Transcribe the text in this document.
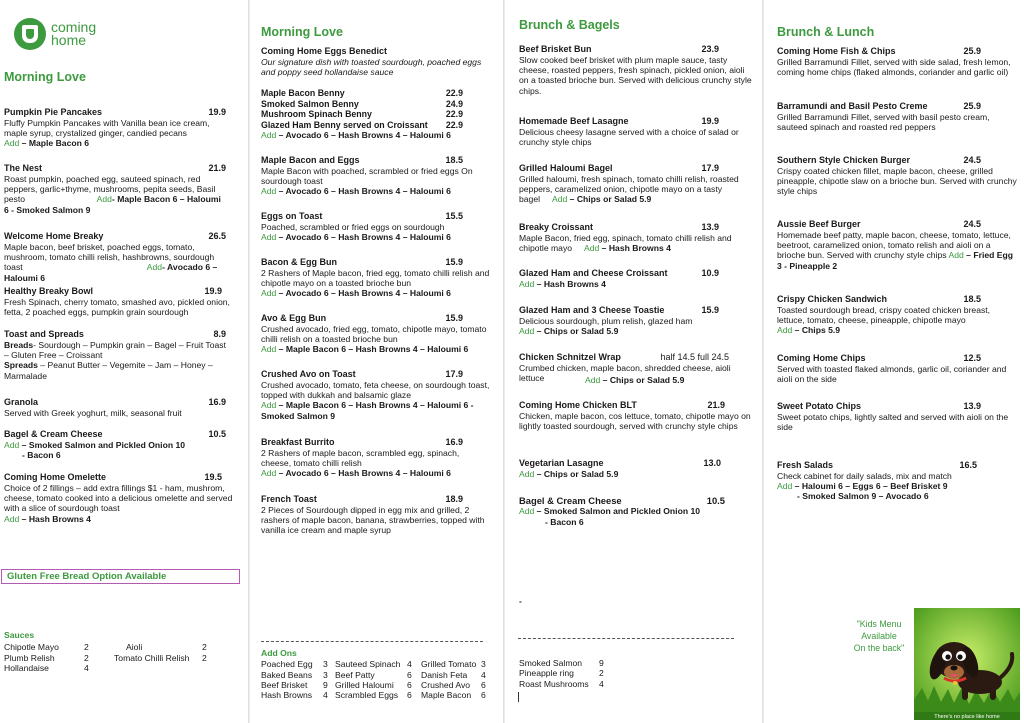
coming
home
Morning Love
Pumpkin Pie Pancakes	19.9
Fluffy Pumpkin Pancakes with Vanilla bean ice cream, maple syrup, crystalized ginger, candied pecans
Add – Maple Bacon 6
The Nest	21.9
Roast pumpkin, poached egg, sauteed spinach, red peppers, garlic+thyme, mushrooms, pepita seeds, Basil pesto	Add- Maple Bacon 6 – Haloumi 6 - Smoked Salmon 9
Welcome Home Breaky	26.5
Maple bacon, beef brisket, poached eggs, tomato, mushroom, tomato chilli relish, hashbrowns, sourdough toast	Add- Avocado 6 – Haloumi 6
Healthy Breaky Bowl	19.9
Fresh Spinach, cherry tomato, smashed avo, pickled onion, fetta, 2 poached eggs, pumpkin grain sourdough
Toast and Spreads	8.9
Breads- Sourdough – Pumpkin grain – Bagel – Fruit Toast – Gluten Free – Croissant
Spreads – Peanut Butter – Vegemite – Jam – Honey – Marmalade
Granola	16.9
Served with Greek yoghurt, milk, seasonal fruit
Bagel & Cream Cheese	10.5
Add – Smoked Salmon and Pickled Onion 10
- Bacon 6
Coming Home Omelette	19.5
Choice of 2 fillings – add extra fillings $1 - ham, mushrom, cheese, tomato cooked into a delicious omelette and served with a slice of sourdough toast
Add – Hash Browns 4
Gluten Free Bread Option Available
Sauces
Chipotle Mayo	2	Aioli	2
Plumb Relish	2	Tomato Chilli Relish	2
Hollandaise	4
Morning Love
Coming Home Eggs Benedict
Our signature dish with toasted sourdough, poached eggs and poppy seed hollandaise sauce
Maple Bacon Benny	22.9
Smoked Salmon Benny	24.9
Mushroom Spinach Benny	22.9
Glazed Ham Benny served on Croissant 22.9
Add – Avocado 6 – Hash Browns 4 – Haloumi 6
Maple Bacon and Eggs	18.5
Maple Bacon with poached, scrambled or fried eggs On sourdough toast
Add – Avocado 6 – Hash Browns 4 – Haloumi 6
Eggs on Toast	15.5
Poached, scrambled or fried eggs on sourdough
Add – Avocado 6 – Hash Browns 4 – Haloumi 6
Bacon & Egg Bun	15.9
2 Rashers of Maple bacon, fried egg, tomato chilli relish and chipotle mayo on a toasted brioche bun
Add – Avocado 6 – Hash Browns 4 – Haloumi 6
Avo & Egg Bun	15.9
Crushed avocado, fried egg, tomato, chipotle mayo, tomato chilli relish on a toasted brioche bun
Add – Maple Bacon 6 – Hash Browns 4 – Haloumi 6
Crushed Avo on Toast	17.9
Crushed avocado, tomato, feta cheese, on sourdough toast, topped with dukkah and balsamic glaze
Add – Maple Bacon 6 – Hash Browns 4 – Haloumi 6 - Smoked Salmon 9
Breakfast Burrito	16.9
2 Rashers of maple bacon, scrambled egg, spinach, cheese, tomato chilli relish
Add – Avocado 6 – Hash Browns 4 – Haloumi 6
French Toast	18.9
2 Pieces of Sourdough dipped in egg mix and grilled, 2 rashers of maple bacon, banana, strawberries, topped with vanilla ice cream and maple syrup
Add Ons
Poached Egg	3 Sauteed Spinach 4	Grilled Tomato 3
Baked Beans	3 Beef Patty	6	Danish Feta	4
Beef Brisket	9 Grilled Haloumi	6	Crushed Avo	6
Hash Browns	4 Scrambled Eggs	6	Maple Bacon	6
Brunch & Bagels
Beef Brisket Bun	23.9
Slow cooked beef brisket with plum maple sauce, tasty cheese, roasted peppers, fresh spinach, pickled onion, aioli on a toasted brioche bun. Served with delicious crunchy style chips.
Homemade Beef Lasagne	19.9
Delicious cheesy lasagne served with a choice of salad or crunchy style chips
Grilled Haloumi Bagel	17.9
Grilled haloumi, fresh spinach, tomato chilli relish, roasted peppers, caramelized onion, chipotle mayo on a tasty bagel Add – Chips or Salad 5.9
Breaky Croissant	13.9
Maple Bacon, fried egg, spinach, tomato chilli relish and chipotle mayo Add – Hash Browns 4
Glazed Ham and Cheese Croissant	10.9
Add – Hash Browns 4
Glazed Ham and 3 Cheese Toastie	15.9
Delicious sourdough, plum relish, glazed ham
Add – Chips or Salad 5.9
Chicken Schnitzel Wrap	half 14.5 full 24.5
Crumbed chicken, maple bacon, shredded cheese, aioli lettuce	Add – Chips or Salad 5.9
Coming Home Chicken BLT	21.9
Chicken, maple bacon, cos lettuce, tomato, chipotle mayo on lightly toasted sourdough, served with crunchy style chips
Vegetarian Lasagne	13.0
Add – Chips or Salad 5.9
Bagel & Cream Cheese	10.5
Add – Smoked Salmon and Pickled Onion 10
- Bacon 6
-
Smoked Salmon	9
Pineapple ring	2
Roast Mushrooms	4
Brunch & Lunch
Coming Home Fish & Chips	25.9
Grilled Barramundi Fillet, served with side salad, fresh lemon, coming home chips (flaked almonds, coriander and garlic oil)
Barramundi and Basil Pesto Creme	25.9
Grilled Barramundi Fillet, served with basil pesto cream, sauteed spinach and roasted red peppers
Southern Style Chicken Burger	24.5
Crispy coated chicken fillet, maple bacon, cheese, grilled pineapple, chipotle slaw on a brioche bun. Served with crunchy style chips
Aussie Beef Burger	24.5
Homemade beef patty, maple bacon, cheese, tomato, lettuce, beetroot, caramelized onion, tomato relish and aioli on a brioche bun. Served with crunchy style chips Add – Fried Egg 3 - Pineapple 2
Crispy Chicken Sandwich	18.5
Toasted sourdough bread, crispy coated chicken breast, lettuce, tomato, cheese, pineapple, chipotle mayo
Add – Chips 5.9
Coming Home Chips	12.5
Served with toasted flaked almonds, garlic oil, coriander and aioli on the side
Sweet Potato Chips	13.9
Sweet potato chips, lightly salted and served with aioli on the side
Fresh Salads	16.5
Check cabinet for daily salads, mix and match
Add – Haloumi 6 – Eggs 6 – Beef Brisket 9
- Smoked Salmon 9 – Avocado 6
"Kids Menu
Available
On the back"
There's no place like home
